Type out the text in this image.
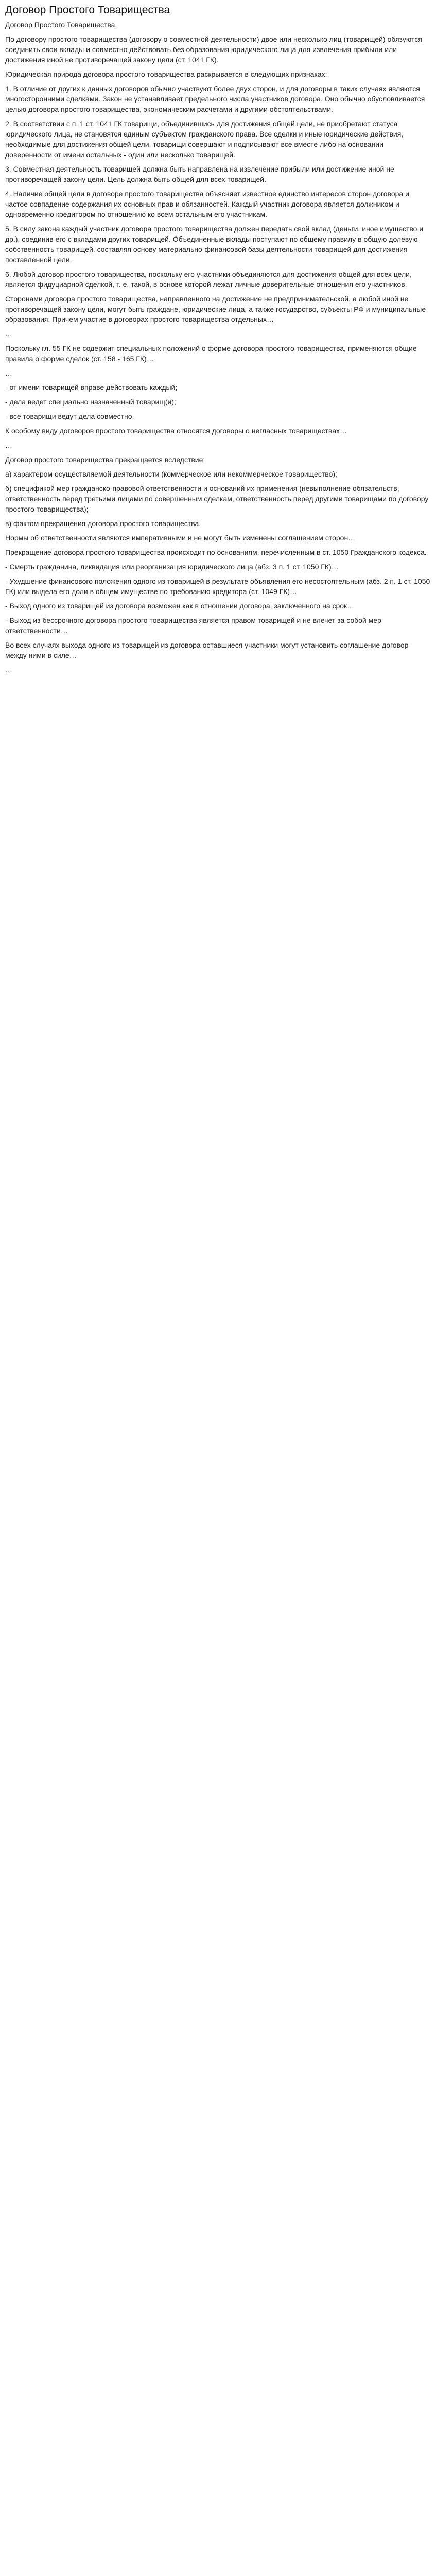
Договор Простого Товарищества
Договор Простого Товарищества.

По договору простого товарищества (договору о совместной деятельности) двое или несколько лиц (товарищей) обязуются соединить свои вклады и совместно действовать без образования юридического лица для извлечения прибыли или достижения иной не противоречащей закону цели (ст. 1041 ГК).

Юридическая природа договора простого товарищества раскрывается в следующих признаках:

1. В отличие от других к данных договоров обычно участвуют более двух сторон, и для договоры в таких случаях являются многосторонними сделками. Закон не устанавливает предельного числа участников договора. Оно обычно обусловливается целью договора простого товарищества, экономическим расчетами и другими обстоятельствами.

2. В соответствии с п. 1 ст. 1041 ГК товарищи, объединившись для достижения общей цели, не приобретают статуса юридического лица, не становятся единым субъектом гражданского права. Все сделки и иные юридические действия, необходимые для достижения общей цели, товарищи совершают и подписывают все вместе либо на основании доверенности от имени остальных - один или несколько товарищей.

3. Совместная деятельность товарищей должна быть направлена на извлечение прибыли или достижение иной не противоречащей закону цели. Цель должна быть общей для всех товарищей.

4. Наличие общей цели в договоре простого товарищества объясняет известное единство интересов сторон договора и частое совпадение содержания их основных прав и обязанностей. Каждый участник договора является должником и одновременно кредитором по отношению ко всем остальным его участникам.

5. В силу закона каждый участник договора простого товарищества должен передать свой вклад (деньги, иное имущество и др.), соединив его с вкладами других товарищей. Объединенные вклады поступают по общему правилу в общую долевую собственность товарищей, составляя основу материально-финансовой базы деятельности товарищей для достижения поставленной цели.

6. Любой договор простого товарищества, поскольку его участники объединяются для достижения общей для всех цели, является фидуциарной сделкой, т. е. такой, в основе которой лежат личные доверительные отношения его участников.

Сторонами договора простого товарищества, направленного на достижение не предпринимательской, а любой иной не противоречащей закону цели, могут быть граждане, юридические лица, а также государство, субъекты РФ и муниципальные образования. Причем участие в договорах простого товарищества отдельных…

…

Поскольку гл. 55 ГК не содержит специальных положений о форме договора простого товарищества, применяются общие правила о форме сделок (ст. 158 - 165 ГК)…

…

- от имени товарищей вправе действовать каждый;

- дела ведет специально назначенный товарищ(и);

- все товарищи ведут дела совместно.

К особому виду договоров простого товарищества относятся договоры о негласных товариществах…

…

Договор простого товарищества прекращается вследствие:

а) характером осуществляемой деятельности (коммерческое или некоммерческое товарищество);

б) спецификой мер гражданско-правовой ответственности и оснований их применения (невыполнение обязательств, ответственность перед третьими лицами по совершенным сделкам, ответственность перед другими товарищами по договору простого товарищества);

в) фактом прекращения договора простого товарищества.

Нормы об ответственности являются императивными и не могут быть изменены соглашением сторон…

Прекращение договора простого товарищества происходит по основаниям, перечисленным в ст. 1050 Гражданского кодекса.

- Смерть гражданина, ликвидация или реорганизация юридического лица (абз. 3 п. 1 ст. 1050 ГК)…

- Ухудшение финансового положения одного из товарищей в результате объявления его несостоятельным (абз. 2 п. 1 ст. 1050 ГК) или выдела его доли в общем имуществе по требованию кредитора (ст. 1049 ГК)…

- Выход одного из товарищей из договора возможен как в отношении договора, заключенного на срок…

- Выход из бессрочного договора простого товарищества является правом товарищей и не влечет за собой мер ответственности…

Во всех случаях выхода одного из товарищей из договора оставшиеся участники могут установить соглашение договор между ними в силе…

…
